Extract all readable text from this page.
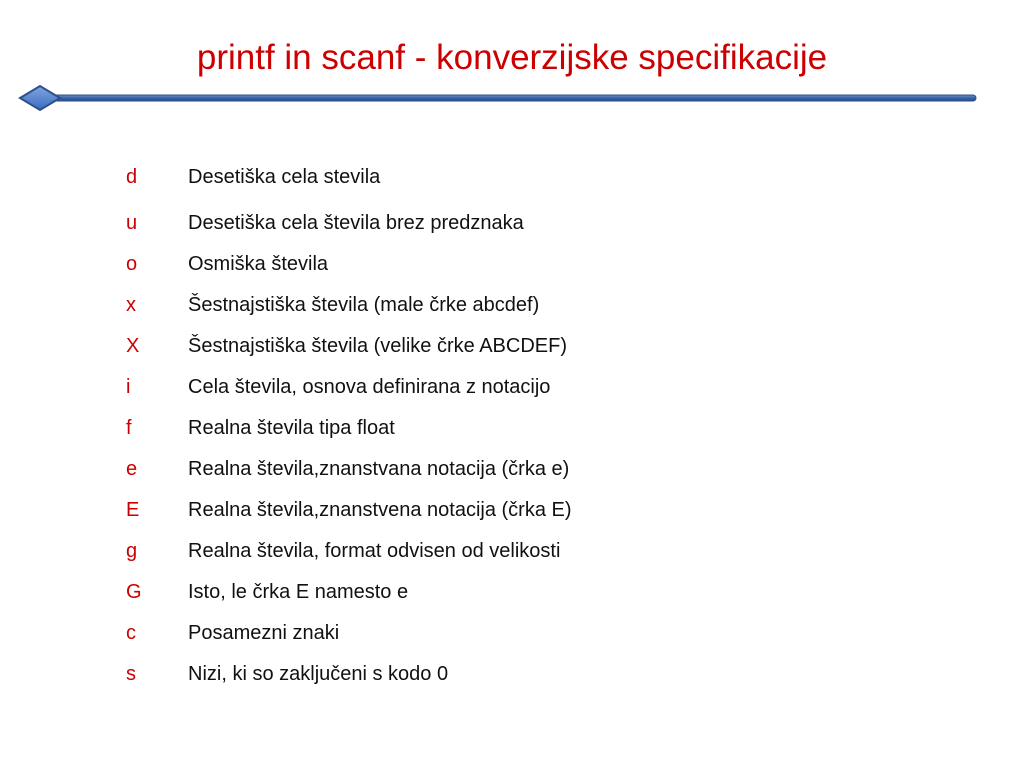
printf in scanf - konverzijske specifikacije
d	Desetiška cela stevila
u	Desetiška cela števila brez predznaka
o	Osmiška števila
x	Šestnajstiška števila (male črke abcdef)
X Šestnajstiška števila (velike črke ABCDEF)
i	Cela števila, osnova definirana z notacijo
f	Realna števila tipa float
e	Realna števila,znanstvana notacija (črka e)
E Realna števila,znanstvena notacija (črka E)
g	Realna števila, format odvisen od velikosti
G Isto, le črka E namesto e
c	Posamezni znaki
s	Nizi, ki so zaključeni s kodo 0
